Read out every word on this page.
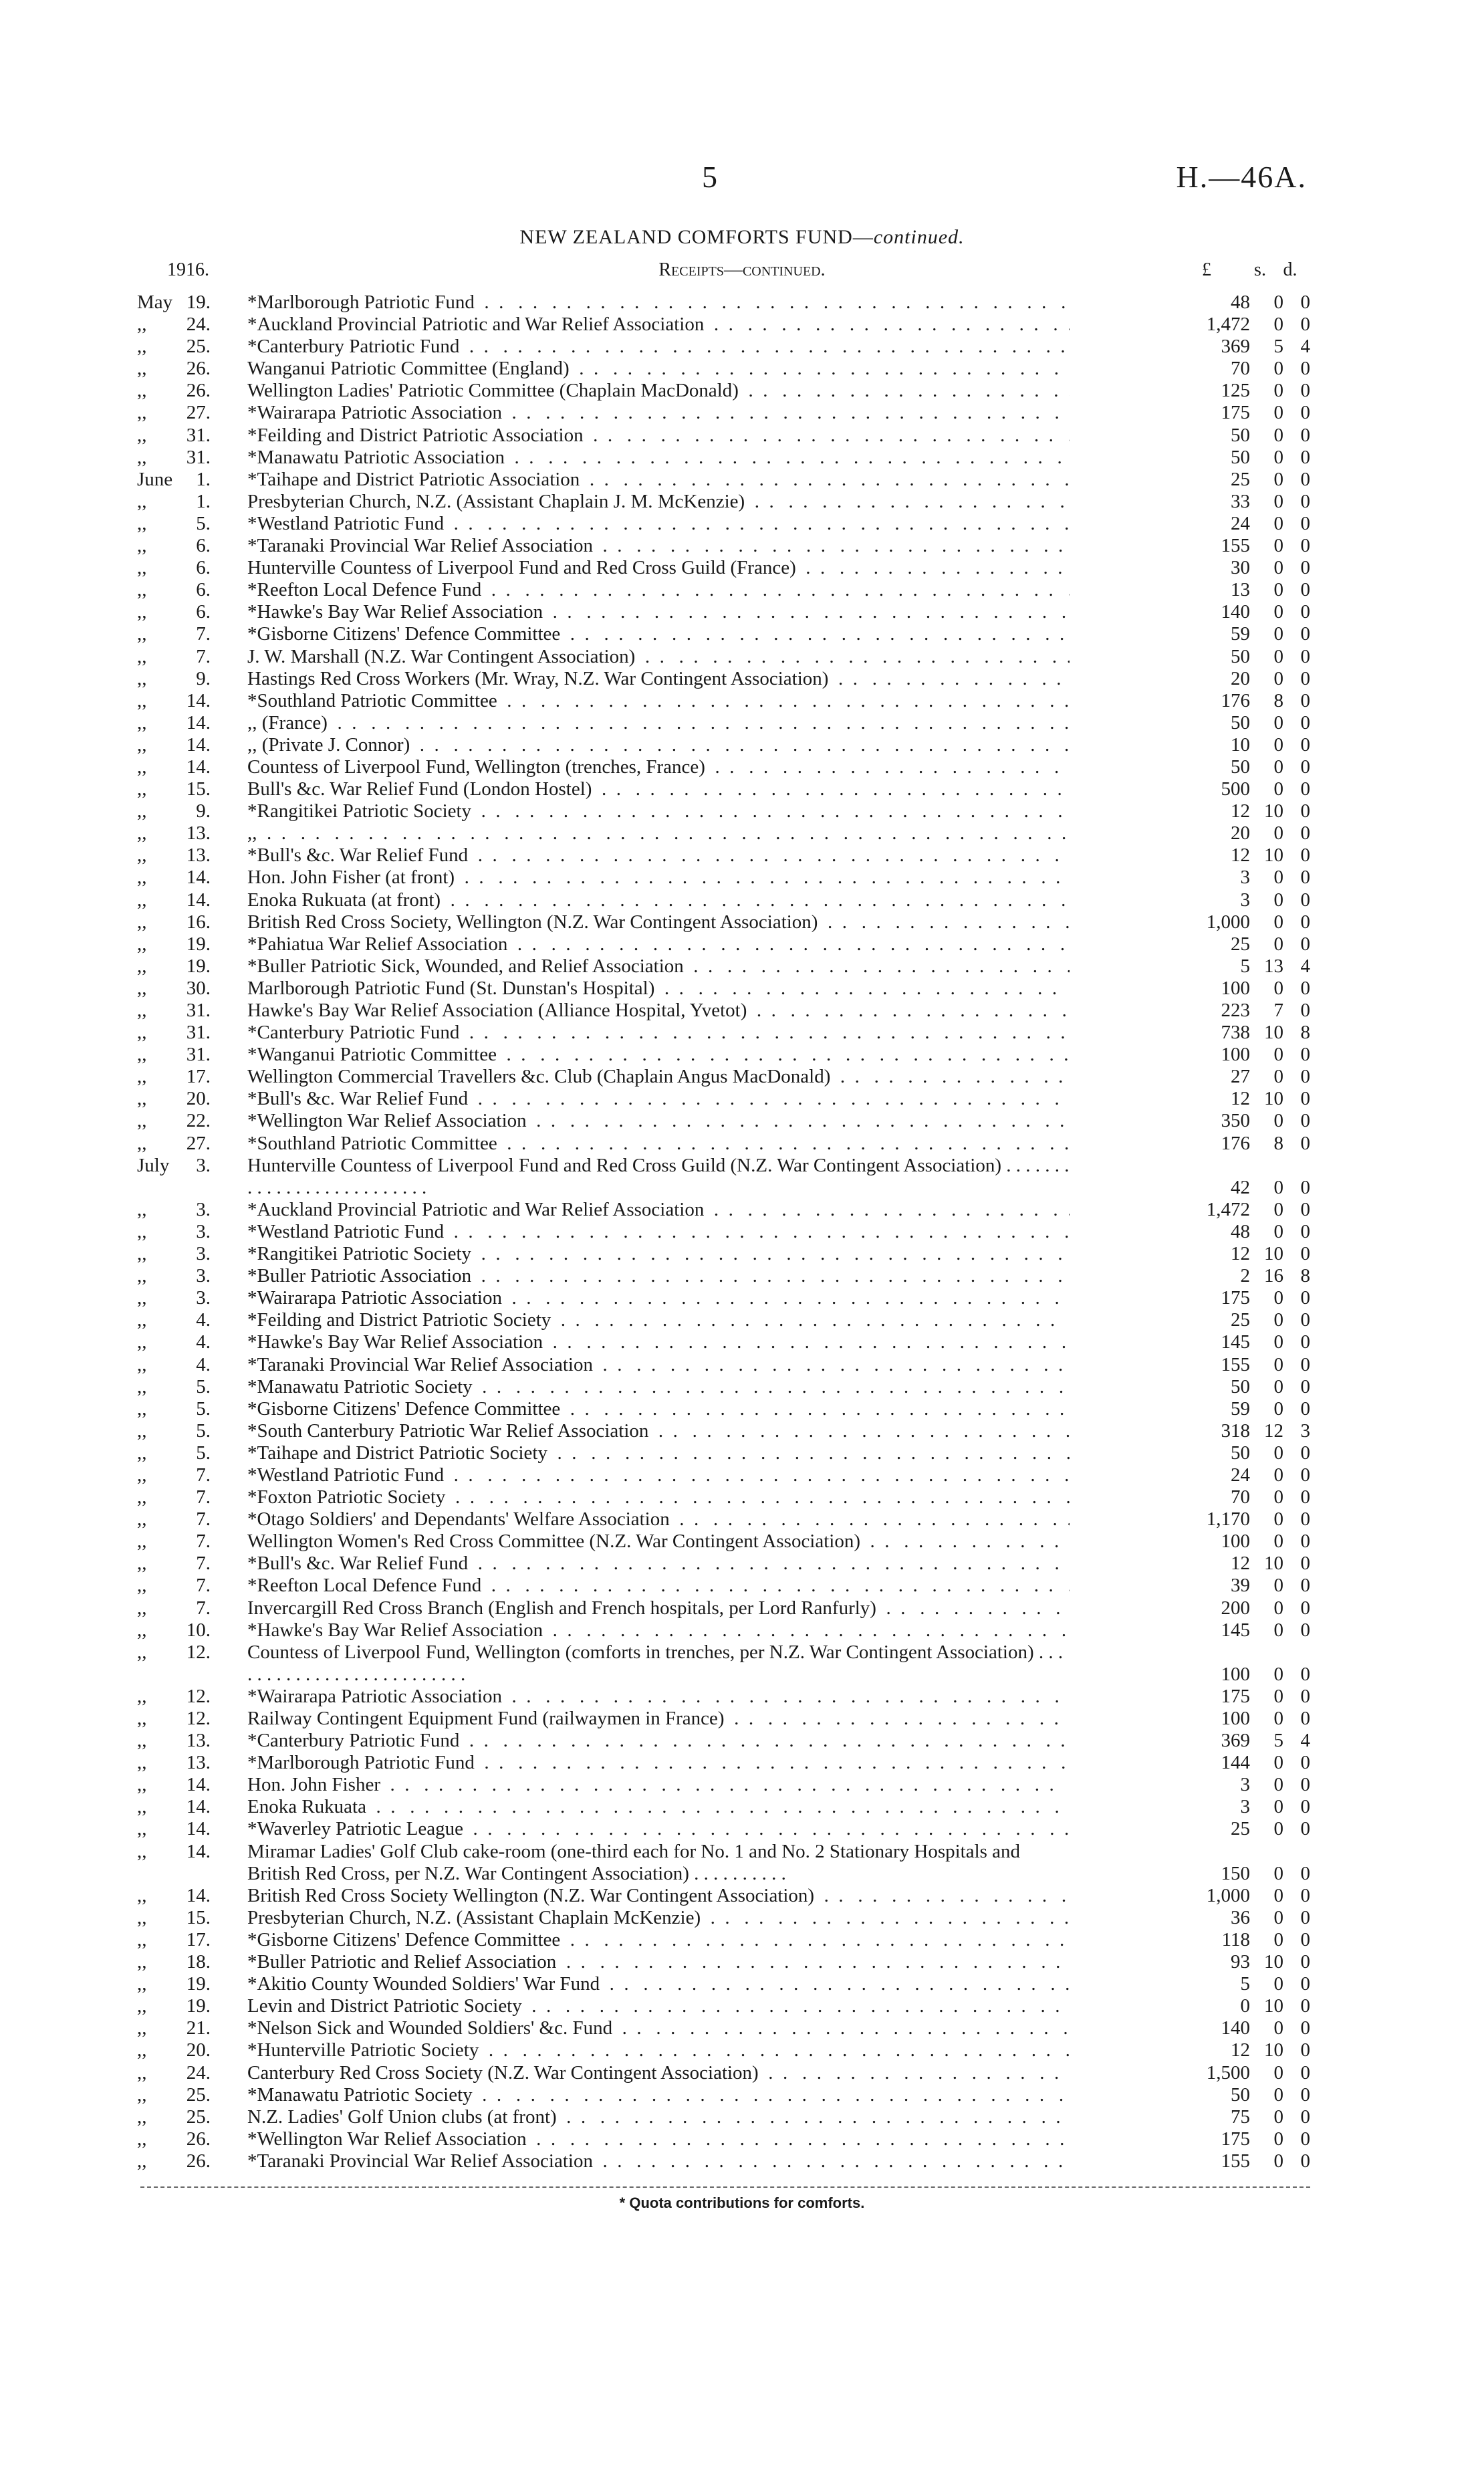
5	H.—46A.
NEW ZEALAND COMFORTS FUND—continued.
1916.	Receipts—continued.	£	s. d.
May 19. *Marlborough Patriotic Fund . .	48	0 0
,,	24. *Auckland Provincial Patriotic and War Relief Association . .	1,472	0 0
,,	25. *Canterbury Patriotic Fund . .	369	5 4
,,	26. Wanganui Patriotic Committee (England) . .	70	0 0
,,	26. Wellington Ladies' Patriotic Committee (Chaplain MacDonald) . .	125	0 0
,,	27. *Wairarapa Patriotic Association . .	175	0 0
,,	31. *Feilding and District Patriotic Association . .	50	0 0
,,	31. *Manawatu Patriotic Association . .	50	0 0
June	1. *Taihape and District Patriotic Association . .	25	0 0
,,	1. Presbyterian Church, N.Z. (Assistant Chaplain J. M. McKenzie) . .	33	0 0
,,	5. *Westland Patriotic Fund . .	24	0 0
,,	6. *Taranaki Provincial War Relief Association . .	155	0 0
,,	6. Hunterville Countess of Liverpool Fund and Red Cross Guild (France) . .	30	0 0
,,	6. *Reefton Local Defence Fund . .	13	0 0
,,	6. *Hawke's Bay War Relief Association . .	140	0 0
,,	7. *Gisborne Citizens' Defence Committee . .	59	0 0
,,	7. J. W. Marshall (N.Z. War Contingent Association) . .	50	0 0
,,	9. Hastings Red Cross Workers (Mr. Wray, N.Z. War Contingent Association) . .	20	0 0
,,	14. *Southland Patriotic Committee . .	176	8 0
,,	14. ,, (France) . .	50	0 0
,,	14. ,, (Private J. Connor) . .	10	0 0
,,	14. Countess of Liverpool Fund, Wellington (trenches, France) . .	50	0 0
,,	15. Bull's &c. War Relief Fund (London Hostel) . .	500	0 0
,,	9. *Rangitikei Patriotic Society . .	12 10 0
,,	13. ,, . .	20	0 0
,,	13. *Bull's &c. War Relief Fund . .	12 10 0
,,	14. Hon. John Fisher (at front) . .	3	0 0
,,	14. Enoka Rukuata (at front) . .	3	0 0
,,	16. British Red Cross Society, Wellington (N.Z. War Contingent Association) . .	1,000	0 0
,,	19. *Pahiatua War Relief Association . .	25	0 0
,,	19. *Buller Patriotic Sick, Wounded, and Relief Association . .	5 13 4
,,	30. Marlborough Patriotic Fund (St. Dunstan's Hospital) . .	100	0 0
,,	31. Hawke's Bay War Relief Association (Alliance Hospital, Yvetot) . .	223	7 0
,,	31. *Canterbury Patriotic Fund . .	738 10 8
,,	31. *Wanganui Patriotic Committee . .	100	0 0
,,	17. Wellington Commercial Travellers &c. Club (Chaplain Angus MacDonald) . .	27	0 0
,,	20. *Bull's &c. War Relief Fund . .	12 10 0
,,	22. *Wellington War Relief Association . .	350	0 0
,,	27. *Southland Patriotic Committee . .	176	8 0
July	3. Hunterville Countess of Liverpool Fund and Red Cross Guild (N.Z. War Contingent Association) . . . . . . . . . . . . . . . . . . . . . . . . . .	42	0 0
,,	3. *Auckland Provincial Patriotic and War Relief Association . .	1,472	0 0
,,	3. *Westland Patriotic Fund . .	48	0 0
,,	3. *Rangitikei Patriotic Society . .	12 10 0
,,	3. *Buller Patriotic Association . .	2 16 8
,,	3. *Wairarapa Patriotic Association . .	175	0 0
,,	4. *Feilding and District Patriotic Society . .	25	0 0
,,	4. *Hawke's Bay War Relief Association . .	145	0 0
,,	4. *Taranaki Provincial War Relief Association . .	155	0 0
,,	5. *Manawatu Patriotic Society . .	50	0 0
,,	5. *Gisborne Citizens' Defence Committee . .	59	0 0
,,	5. *South Canterbury Patriotic War Relief Association . .	318 12 3
,,	5. *Taihape and District Patriotic Society . .	50	0 0
,,	7. *Westland Patriotic Fund . .	24	0 0
,,	7. *Foxton Patriotic Society . .	70	0 0
,,	7. *Otago Soldiers' and Dependants' Welfare Association . .	1,170	0 0
,,	7. Wellington Women's Red Cross Committee (N.Z. War Contingent Association) . .	100	0 0
,,	7. *Bull's &c. War Relief Fund . .	12 10 0
,,	7. *Reefton Local Defence Fund . .	39	0 0
,,	7. Invercargill Red Cross Branch (English and French hospitals, per Lord Ranfurly) . .	200	0 0
,,	10. *Hawke's Bay War Relief Association . .	145	0 0
,,	12. Countess of Liverpool Fund, Wellington (comforts in trenches, per N.Z. War Contingent Association) . . . . . . . . . . . . . . . . . . . . . . . . . .	100	0 0
,,	12. *Wairarapa Patriotic Association . .	175	0 0
,,	12. Railway Contingent Equipment Fund (railwaymen in France) . .	100	0 0
,,	13. *Canterbury Patriotic Fund . .	369	5 4
,,	13. *Marlborough Patriotic Fund . .	144	0 0
,,	14. Hon. John Fisher . .	3	0 0
,,	14. Enoka Rukuata . .	3	0 0
,,	14. *Waverley Patriotic League . .	25	0 0
,,	14. Miramar Ladies' Golf Club cake-room (one-third each for No. 1 and No. 2 Stationary Hospitals and British Red Cross, per N.Z. War Contingent Association) . . . . . . . . . .	150	0 0
,,	14. British Red Cross Society Wellington (N.Z. War Contingent Association) . .	1,000	0 0
,,	15. Presbyterian Church, N.Z. (Assistant Chaplain McKenzie) . .	36	0 0
,,	17. *Gisborne Citizens' Defence Committee . .	118	0 0
,,	18. *Buller Patriotic and Relief Association . .	93 10 0
,,	19. *Akitio County Wounded Soldiers' War Fund . .	5	0 0
,,	19. Levin and District Patriotic Society . .	0 10 0
,,	21. *Nelson Sick and Wounded Soldiers' &c. Fund . .	140	0 0
,,	20. *Hunterville Patriotic Society . .	12 10 0
,,	24. Canterbury Red Cross Society (N.Z. War Contingent Association) . .	1,500	0 0
,,	25. *Manawatu Patriotic Society . .	50	0 0
,,	25. N.Z. Ladies' Golf Union clubs (at front) . .	75	0 0
,,	26. *Wellington War Relief Association . .	175	0 0
,,	26. *Taranaki Provincial War Relief Association . .	155	0 0
* Quota contributions for comforts.
